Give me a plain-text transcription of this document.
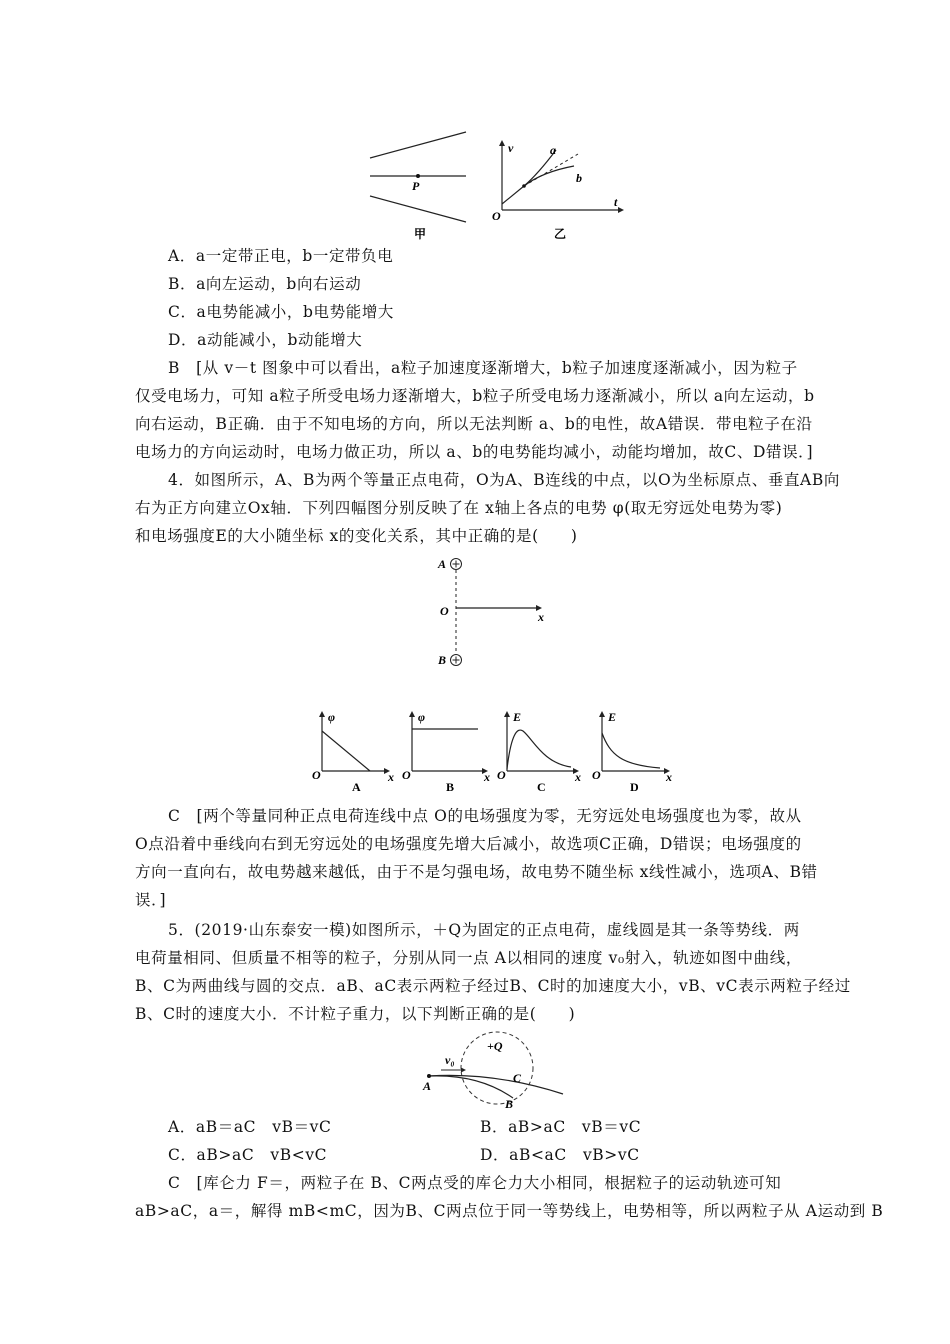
P
甲
v
t
O
a
b
乙
A．a一定带正电，b一定带负电
B．a向左运动，b向右运动
C．a电势能减小，b电势能增大
D．a动能减小，b动能增大
B　[从 v－t 图象中可以看出，a粒子加速度逐渐增大，b粒子加速度逐渐减小，因为粒子
仅受电场力，可知 a粒子所受电场力逐渐增大，b粒子所受电场力逐渐减小，所以 a向左运动，b
向右运动，B正确．由于不知电场的方向，所以无法判断 a、b的电性，故A错误．带电粒子在沿
电场力的方向运动时，电场力做正功，所以 a、b的电势能均减小，动能均增加，故C、D错误．]
4．如图所示，A、B为两个等量正点电荷，O为A、B连线的中点，以O为坐标原点、垂直AB向
右为正方向建立Ox轴．下列四幅图分别反映了在 x轴上各点的电势 φ(取无穷远处电势为零)
和电场强度E的大小随坐标 x的变化关系，其中正确的是(　　)
A
B
O	x
φ
O	x
A
φ
O	x
B
E
O	x
C
E
O	x
D
C　[两个等量同种正点电荷连线中点 O的电场强度为零，无穷远处电场强度也为零，故从
O点沿着中垂线向右到无穷远处的电场强度先增大后减小，故选项C正确，D错误；电场强度的
方向一直向右，故电势越来越低，由于不是匀强电场，故电势不随坐标 x线性减小，选项A、B错
误．]
5．(2019·山东泰安一模)如图所示，＋Q为固定的正点电荷，虚线圆是其一条等势线．两
电荷量相同、但质量不相等的粒子，分别从同一点 A以相同的速度 v₀射入，轨迹如图中曲线，
B、C为两曲线与圆的交点．aB、aC表示两粒子经过B、C时的加速度大小，vB、vC表示两粒子经过
B、C时的速度大小．不计粒子重力，以下判断正确的是(　　)
+Q
v₀
A
B
C
A．aB＝aC　vB＝vC	B．aB>aC　vB＝vC
C．aB>aC　vB<vC	D．aB<aC　vB>vC
C　[库仑力 F＝，两粒子在 B、C两点受的库仑力大小相同，根据粒子的运动轨迹可知
aB>aC，a＝，解得 mB<mC，因为B、C两点位于同一等势线上，电势相等，所以两粒子从 A运动到 B
